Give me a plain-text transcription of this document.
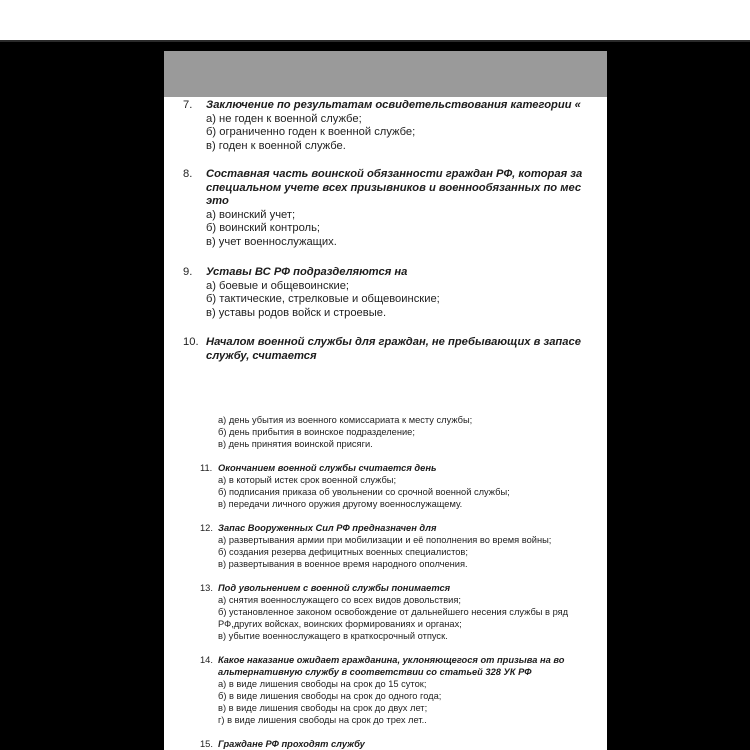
7. Заключение по результатам освидетельствования категории «
а) не годен к военной службе;
б) ограниченно годен к военной службе;
в) годен к военной службе.
8. Составная часть воинской обязанности граждан РФ, которая за
специальном учете всех призывников и военнообязанных по мес
это
а) воинский учет;
б) воинский контроль;
в) учет военнослужащих.
9. Уставы ВС РФ подразделяются на
а) боевые и общевоинские;
б) тактические, стрелковые и общевоинские;
в) уставы родов войск и строевые.
10. Началом военной службы для граждан, не пребывающих в запасе
службу, считается
а) день убытия из военного комиссариата к месту службы;
б) день прибытия в воинское подразделение;
в) день принятия воинской присяги.
11. Окончанием военной службы считается день
а) в который истек срок военной службы;
б) подписания приказа об увольнении со срочной военной службы;
в) передачи личного оружия другому военнослужащему.
12. Запас Вооруженных Сил РФ предназначен для
а) развертывания армии при мобилизации и её пополнения во время войны;
б) создания резерва дефицитных военных специалистов;
в) развертывания в военное время народного ополчения.
13. Под увольнением с военной службы понимается
а) снятия военнослужащего со всех видов довольствия;
б) установленное законом освобождение от дальнейшего несения службы в ряд
РФ,других войсках, воинских формированиях и органах;
в) убытие военнослужащего в краткосрочный отпуск.
14. Какое наказание ожидает гражданина, уклоняющегося от призыва на во
альтернативную службу в соответствии со статьей 328 УК РФ
а) в виде лишения свободы на срок до 15 суток;
б) в виде лишения свободы на срок до одного года;
в) в виде лишения свободы на срок до двух лет;
г) в виде лишения свободы на срок до трех лет..
15. Граждане РФ проходят службу
